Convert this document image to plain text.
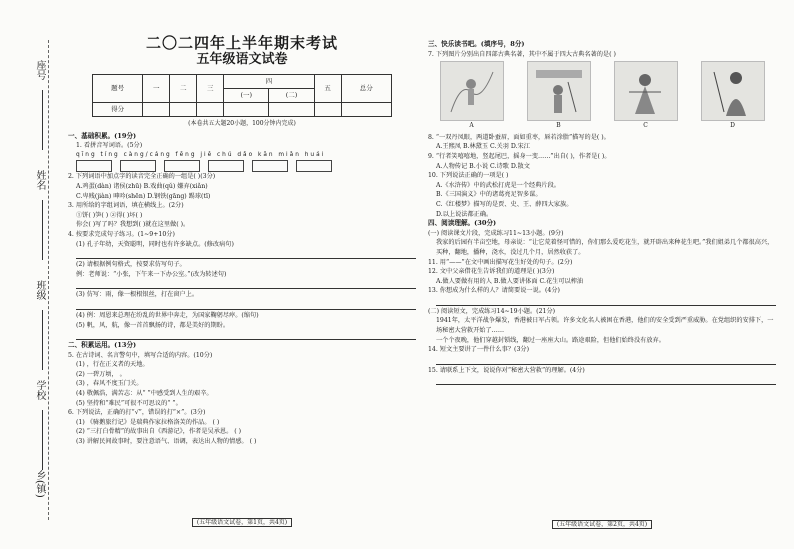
座号
姓名
班级
学校
乡(镇)
二〇二四年上半年期末考试
五年级语文试卷
题号	一	二	三	四		五	总分
				(一)	(二)		
得分							
(本卷共五大题20小题，100分钟内完成)
一、基础积累。(19分)
1. 看拼音写词语。(5分)
qīng tíng càng/cáng fēng jiě chú dǎo kān miǎn huái
2. 下列词语中加点字的读音完全正确的一组是( )(3分)
A.鸡蛋(dàn) 诸侯(zhū) B.戏曲(qǔ) 嫌弃(xiǎn)
C.卑贱(jiàn) 呻吟(shēn) D.钢铁(gāng) 踢球(tī)
3. 用所给的字组词语，填在横线上。(2分)
①饼( )笋( ) ②得( )坏( )
你会( )写了吗？我想到( )就在这里做( )。
4. 按要求完成句子练习。(1~9+10分)
(1) 孔子年幼，天资聪明，同时也有许多缺点。(修改病句)
(2) 请根据例句格式，按要求仿写句子。
例：老师说：“小张，下午来一下办公室。”(改为转述句)
(3) 仿写：雨，像一根根银丝，打在窗户上。
(4) 例：周恩来总理在纷乱的世界中奔走，为国家鞠躬尽瘁。(缩句)
(5) 帆，风，航，像一首首飘扬的诗，都是美好的期盼。
二、积累运用。(13分)
5. 在古诗词、名言警句中，填写合适的内容。(10分)
(1) ，行在正义者的天地。
(2) 一碧万顷， 。
(3) ，春风不度玉门关。
(4) 敬佩浩，满苦志：从“ ”中感受到人生的艰辛。
(5) 坚持和“难民”可很不可思议的“ ”。
6. 下列说法，正确的打“√”，错误的打“×”。(3分)
(1) 《骑鹅旅行记》是瑞典作家拉格洛芙的作品。 ( )
(2) “三打白骨精”的故事出自《西游记》，作者是吴承恩。 ( )
(3) 讲解民间故事时，要注意语气、语调，表达出人物的情感。 ( )
(五年级语文试卷，第1页，共4页)
三、快乐读书吧。(填序号，8分)
7. 下列图片分别出自四部古典名著，其中不属于四大古典名著的是( )
A	B	C	D
8. “一双丹凤眼，两道卧蚕眉，面如重枣，唇若涂脂”描写的是( )。
A.王熙凤 B.林黛玉 C.关羽 D.宋江
9. “行者笑嘻嘻地，竖起尾巴，摇身一变……”出自( )，作者是( )。
A.人物传记 B.小说 C.诗歌 D.散文
10. 下列说法正确的一项是( )
A.《水浒传》中的武松打虎是一个经典片段。
B.《三国演义》中的诸葛亮足智多谋。
C.《红楼梦》描写的是贾、史、王、薛四大家族。
D.以上说法都正确。
四、阅读理解。(30分)
(一) 阅读课文片段，完成练习11~13小题。(9分)
我家的后园有半亩空地，母亲说：“让它荒着怪可惜的，你们那么爱吃花生，就开辟出来种花生吧。”我们姐弟几个都很高兴，买种，翻地，播种，浇水，没过几个月，居然收获了。
11. 用“——”在文中画出描写花生好处的句子。(2分)
12. 文中父亲借花生告诉我们的道理是( )(3分)
A.做人要做有用的人 B.做人要讲体面 C.花生可以榨油
13. 你想成为什么样的人？请简要说一说。(4分)
(二) 阅读短文，完成练习14~19小题。(21分)
1941年，太平洋战争爆发，香港被日军占领。许多文化名人被困在香港，他们的安全受到严重威胁。在党组织的安排下，一场秘密大营救开始了……
一个个夜晚，他们穿越封锁线，翻过一座座大山。路途艰险，但他们始终没有放弃。
14. 短文主要讲了一件什么事？(3分)
15. 请联系上下文，说说你对“秘密大营救”的理解。(4分)
(五年级语文试卷，第2页，共4页)
